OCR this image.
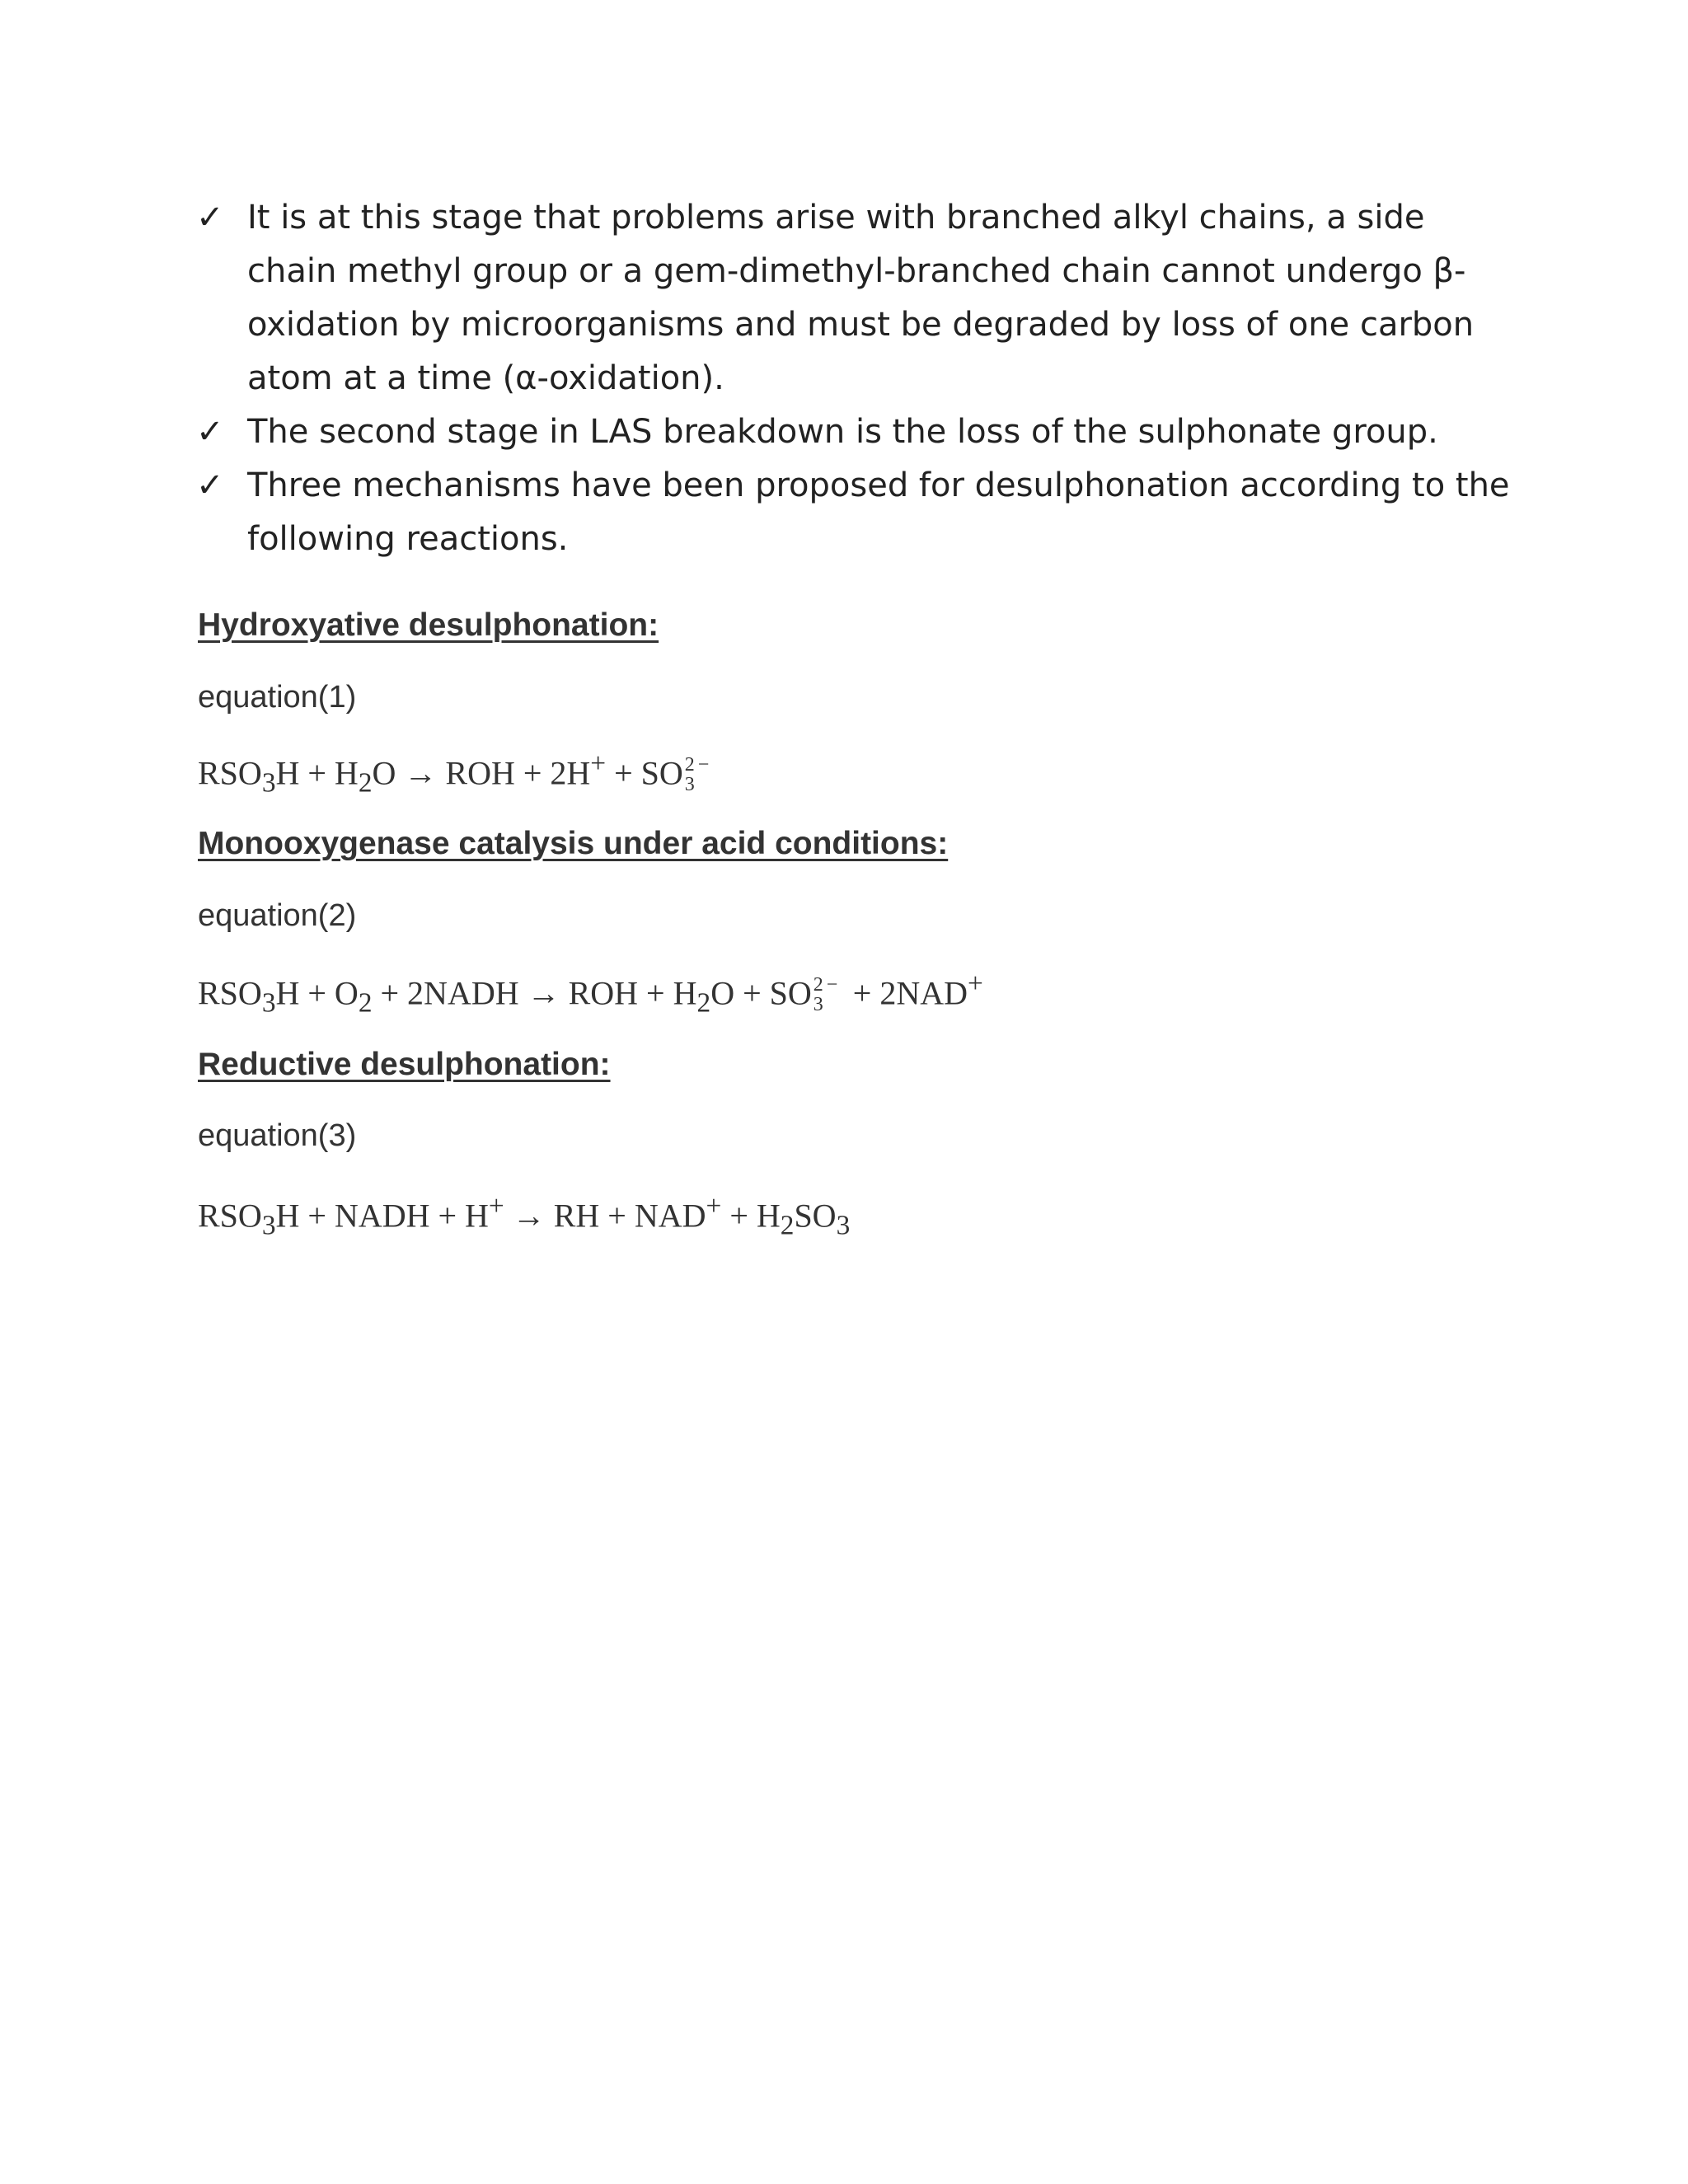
✓ It is at this stage that problems arise with branched alkyl chains, a side chain methyl group or a gem-dimethyl-branched chain cannot undergo β-oxidation by microorganisms and must be degraded by loss of one carbon atom at a time (α-oxidation).
✓ The second stage in LAS breakdown is the loss of the sulphonate group.
✓ Three mechanisms have been proposed for desulphonation according to the following reactions.
Hydroxyative desulphonation:
equation(1)
$RSO_3H + H_2O$ → ROH + 2H+ + SO 2
3
−
Monooxygenase catalysis under acid conditions:
equation(2)
$RSO_3H + O_2$ + 2NADH → ROH + $H_2O$ + SO 2
3
− + 2NAD+
Reductive desulphonation:
equation(3)
$RSO_3H$ + NADH + H+ → RH + $NAD^+ + H_2SO_3$
